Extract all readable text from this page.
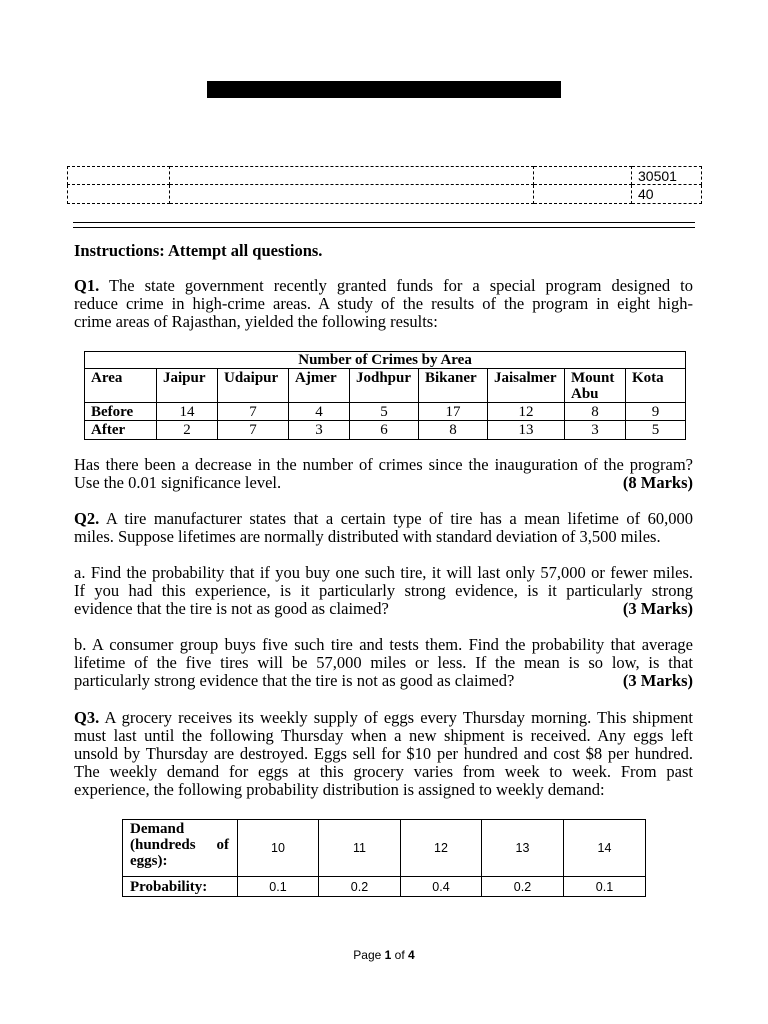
			30501
			40
Instructions: Attempt all questions.
Q1. The state government recently granted funds for a special program designed to
reduce crime in high-crime areas. A study of the results of the program in eight high-
crime areas of Rajasthan, yielded the following results:
Number of Crimes by Area								
Area	Jaipur	Udaipur	Ajmer	Jodhpur	Bikaner	Jaisalmer	Mount Abu	Kota
Before	14	7	4	5	17	12	8	9
After	2	7	3	6	8	13	3	5
Has there been a decrease in the number of crimes since the inauguration of the program?
Use the 0.01 significance level.	(8 Marks)
Q2. A tire manufacturer states that a certain type of tire has a mean lifetime of 60,000
miles. Suppose lifetimes are normally distributed with standard deviation of 3,500 miles.
a. Find the probability that if you buy one such tire, it will last only 57,000 or fewer miles.
If you had this experience, is it particularly strong evidence, is it particularly strong
evidence that the tire is not as good as claimed?	(3 Marks)
b. A consumer group buys five such tire and tests them. Find the probability that average
lifetime of the five tires will be 57,000 miles or less. If the mean is so low, is that
particularly strong evidence that the tire is not as good as claimed?	(3 Marks)
Q3. A grocery receives its weekly supply of eggs every Thursday morning. This shipment
must last until the following Thursday when a new shipment is received. Any eggs left
unsold by Thursday are destroyed. Eggs sell for $10 per hundred and cost $8 per hundred.
The weekly demand for eggs at this grocery varies from week to week. From past
experience, the following probability distribution is assigned to weekly demand:
Demand (hundreds of eggs):	10	11	12	13	14
Probability:	0.1	0.2	0.4	0.2	0.1
Page 1 of 4
